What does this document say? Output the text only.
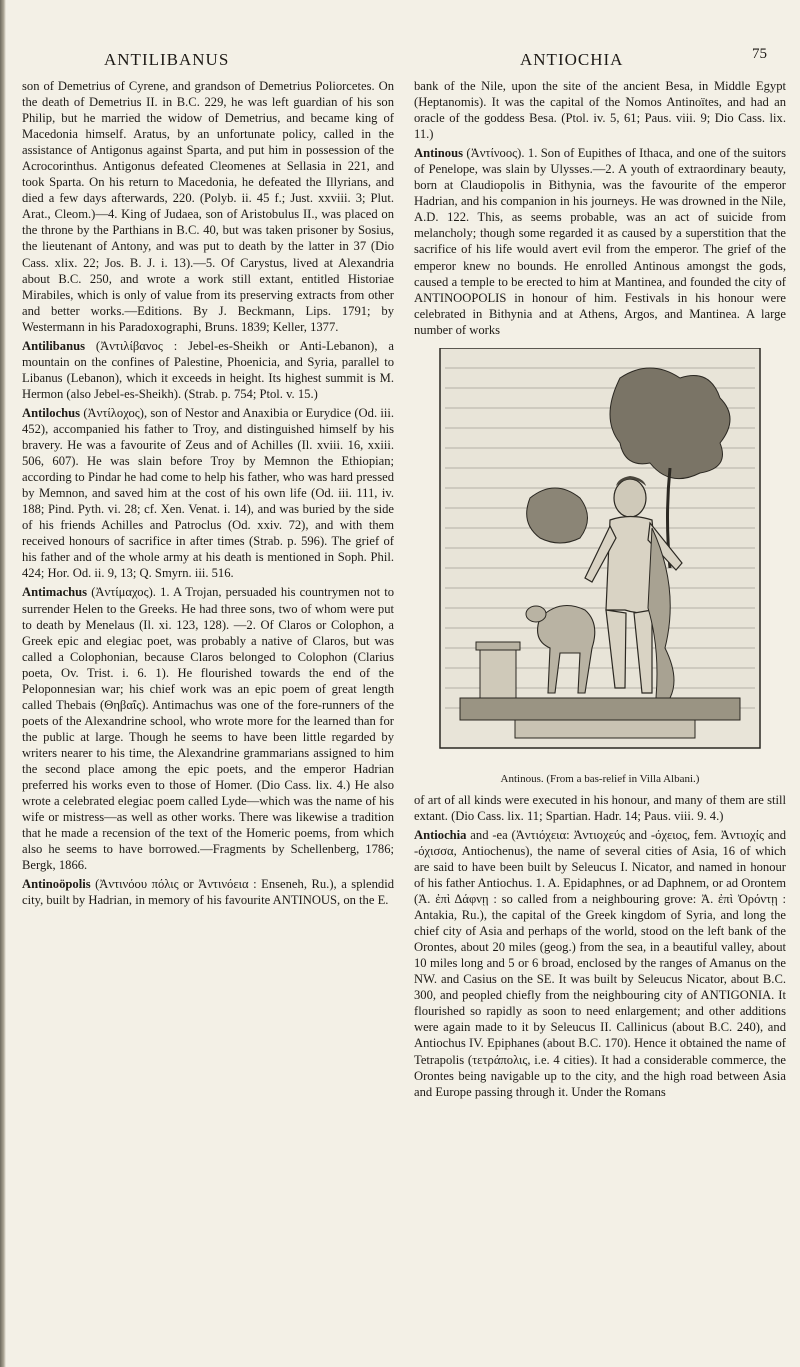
ANTILIBANUS	ANTIOCHIA	75

son of Demetrius of Cyrene, and grandson of Demetrius Poliorcetes. On the death of Demetrius II. in B.C. 229, he was left guardian of his son Philip, but he married the widow of Demetrius, and became king of Macedonia himself. Aratus, by an unfortunate policy, called in the assistance of Antigonus against Sparta, and put him in possession of the Acrocorinthus. Antigonus defeated Cleomenes at Sellasia in 221, and took Sparta. On his return to Macedonia, he defeated the Illyrians, and died a few days afterwards, 220. (Polyb. ii. 45 f.; Just. xxviii. 3; Plut. Arat., Cleom.)—4. King of Judaea, son of Aristobulus II., was placed on the throne by the Parthians in B.C. 40, but was taken prisoner by Sosius, the lieutenant of Antony, and was put to death by the latter in 37 (Dio Cass. xlix. 22; Jos. B. J. i. 13).—5. Of Carystus, lived at Alexandria about B.C. 250, and wrote a work still extant, entitled Historiae Mirabiles, which is only of value from its preserving extracts from other and better works.—Editions. By J. Beckmann, Lips. 1791; by Westermann in his Paradoxographi, Bruns. 1839; Keller, 1377.

Antilibanus (Ἀντιλίβανος : Jebel-es-Sheikh or Anti-Lebanon), a mountain on the confines of Palestine, Phoenicia, and Syria, parallel to Libanus (Lebanon), which it exceeds in height. Its highest summit is M. Hermon (also Jebel-es-Sheikh). (Strab. p. 754; Ptol. v. 15.)

Antilochus (Ἀντίλοχος), son of Nestor and Anaxibia or Eurydice (Od. iii. 452), accompanied his father to Troy, and distinguished himself by his bravery. He was a favourite of Zeus and of Achilles (Il. xviii. 16, xxiii. 506, 607). He was slain before Troy by Memnon the Ethiopian; according to Pindar he had come to help his father, who was hard pressed by Memnon, and saved him at the cost of his own life (Od. iii. 111, iv. 188; Pind. Pyth. vi. 28; cf. Xen. Venat. i. 14), and was buried by the side of his friends Achilles and Patroclus (Od. xxiv. 72), and with them received honours of sacrifice in after times (Strab. p. 596). The grief of his father and of the whole army at his death is mentioned in Soph. Phil. 424; Hor. Od. ii. 9, 13; Q. Smyrn. iii. 516.

Antimachus (Ἀντίμαχος). 1. A Trojan, persuaded his countrymen not to surrender Helen to the Greeks. He had three sons, two of whom were put to death by Menelaus (Il. xi. 123, 128). —2. Of Claros or Colophon, a Greek epic and elegiac poet, was probably a native of Claros, but was called a Colophonian, because Claros belonged to Colophon (Clarius poeta, Ov. Trist. i. 6. 1). He flourished towards the end of the Peloponnesian war; his chief work was an epic poem of great length called Thebais (Θηβαΐς). Antimachus was one of the fore-runners of the poets of the Alexandrine school, who wrote more for the learned than for the public at large. Though he seems to have been little regarded by writers nearer to his time, the Alexandrine grammarians assigned to him the second place among the epic poets, and the emperor Hadrian preferred his works even to those of Homer. (Dio Cass. lix. 4.) He also wrote a celebrated elegiac poem called Lyde—which was the name of his wife or mistress—as well as other works. There was likewise a tradition that he made a recension of the text of the Homeric poems, from which also he seems to have borrowed.—Fragments by Schellenberg, 1786; Bergk, 1866.

Antinoöpolis (Ἀντινόου πόλις or Ἀντινόεια : Enseneh, Ru.), a splendid city, built by Hadrian, in memory of his favourite ANTINOUS, on the E.

bank of the Nile, upon the site of the ancient Besa, in Middle Egypt (Heptanomis). It was the capital of the Nomos Antinoïtes, and had an oracle of the goddess Besa. (Ptol. iv. 5, 61; Paus. viii. 9; Dio Cass. lix. 11.)

Antinous (Ἀντίνοος). 1. Son of Eupithes of Ithaca, and one of the suitors of Penelope, was slain by Ulysses.—2. A youth of extraordinary beauty, born at Claudiopolis in Bithynia, was the favourite of the emperor Hadrian, and his companion in his journeys. He was drowned in the Nile, A.D. 122. This, as seems probable, was an act of suicide from melancholy; though some regarded it as caused by a superstition that the sacrifice of his life would avert evil from the emperor. The grief of the emperor knew no bounds. He enrolled Antinous amongst the gods, caused a temple to be erected to him at Mantinea, and founded the city of ANTINOOPOLIS in honour of him. Festivals in his honour were celebrated in Bithynia and at Athens, Argos, and Mantinea. A large number of works

Antinous. (From a bas-relief in Villa Albani.)

of art of all kinds were executed in his honour, and many of them are still extant. (Dio Cass. lix. 11; Spartian. Hadr. 14; Paus. viii. 9. 4.)

Antiochia and -ea (Ἀντιόχεια: Ἀντιοχεύς and -όχειος, fem. Ἀντιοχίς and -όχισσα, Antiochenus), the name of several cities of Asia, 16 of which are said to have been built by Seleucus I. Nicator, and named in honour of his father Antiochus. 1. A. Epidaphnes, or ad Daphnem, or ad Orontem (Ἀ. ἐπὶ Δάφνῃ : so called from a neighbouring grove: Ἀ. ἐπὶ Ὀρόντῃ : Antakia, Ru.), the capital of the Greek kingdom of Syria, and long the chief city of Asia and perhaps of the world, stood on the left bank of the Orontes, about 20 miles (geog.) from the sea, in a beautiful valley, about 10 miles long and 5 or 6 broad, enclosed by the ranges of Amanus on the NW. and Casius on the SE. It was built by Seleucus Nicator, about B.C. 300, and peopled chiefly from the neighbouring city of ANTIGONIA. It flourished so rapidly as soon to need enlargement; and other additions were again made to it by Seleucus II. Callinicus (about B.C. 240), and Antiochus IV. Epiphanes (about B.C. 170). Hence it obtained the name of Tetrapolis (τετράπολις, i.e. 4 cities). It had a considerable commerce, the Orontes being navigable up to the city, and the high road between Asia and Europe passing through it. Under the Romans
